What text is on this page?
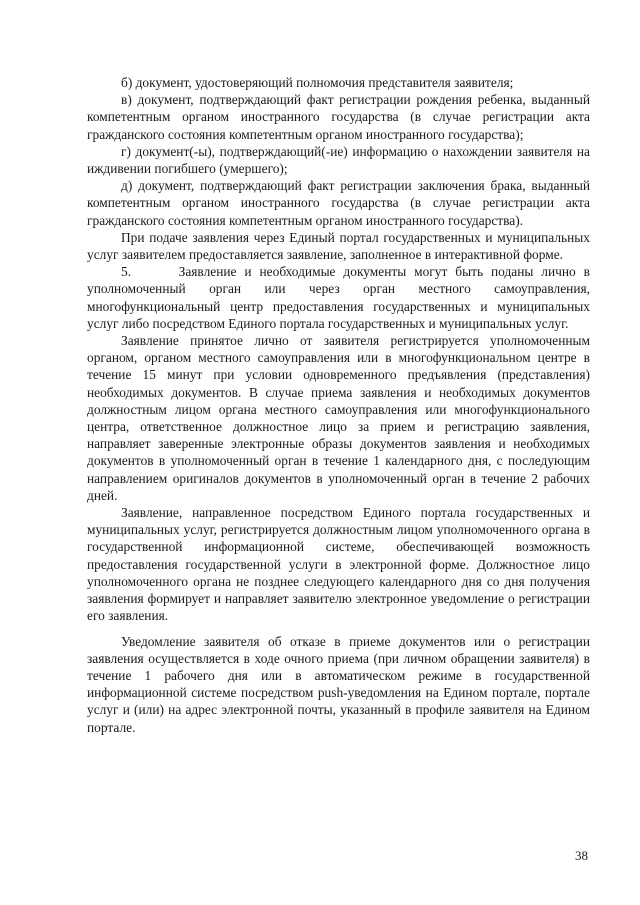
б) документ, удостоверяющий полномочия представителя заявителя;

в) документ, подтверждающий факт регистрации рождения ребенка, выданный компетентным органом иностранного государства (в случае регистрации акта гражданского состояния компетентным органом иностранного государства);

г) документ(-ы), подтверждающий(-ие) информацию о нахождении заявителя на иждивении погибшего (умершего);

д) документ, подтверждающий факт регистрации заключения брака, выданный компетентным органом иностранного государства (в случае регистрации акта гражданского состояния компетентным органом иностранного государства).

При подаче заявления через Единый портал государственных и муниципальных услуг заявителем предоставляется заявление, заполненное в интерактивной форме.

5.      Заявление и необходимые документы могут быть поданы лично в уполномоченный орган или через орган местного самоуправления, многофункциональный центр предоставления государственных и муниципальных услуг либо посредством Единого портала государственных и муниципальных услуг.

Заявление принятое лично от заявителя регистрируется уполномоченным органом, органом местного самоуправления или в многофункциональном центре в течение 15 минут при условии одновременного предъявления (представления) необходимых документов. В случае приема заявления и необходимых документов должностным лицом органа местного самоуправления или многофункционального центра, ответственное должностное лицо за прием и регистрацию заявления, направляет заверенные электронные образы документов заявления и необходимых документов в уполномоченный орган в течение 1 календарного дня, с последующим направлением оригиналов документов в уполномоченный орган в течение 2 рабочих дней.

Заявление, направленное посредством Единого портала государственных и муниципальных услуг, регистрируется должностным лицом уполномоченного органа в государственной информационной системе, обеспечивающей возможность предоставления государственной услуги в электронной форме. Должностное лицо уполномоченного органа не позднее следующего календарного дня со дня получения заявления формирует и направляет заявителю электронное уведомление о регистрации его заявления.

Уведомление заявителя об отказе в приеме документов или о регистрации заявления осуществляется в ходе очного приема (при личном обращении заявителя) в течение 1 рабочего дня или в автоматическом режиме в государственной информационной системе посредством push-уведомления на Едином портале, портале услуг и (или) на адрес электронной почты, указанный в профиле заявителя на Едином портале.

38
